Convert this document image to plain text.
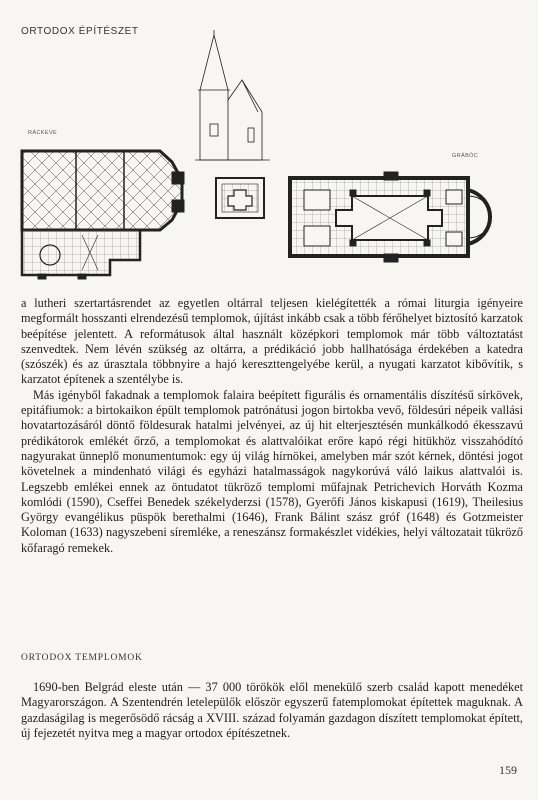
ORTODOX ÉPÍTÉSZET
RÁCKEVE
GRÁBÓC

a lutheri szertartásrendet az egyetlen oltárral teljesen kielégítették a római liturgia igényeire megformált hosszanti elrendezésű templomok, újítást inkább csak a több férőhelyet biztosító karzatok beépítése jelentett. A reformátusok által használt középkori templomok már több változtatást szenvedtek. Nem lévén szükség az oltárra, a prédikáció jobb hallhatósága érdekében a katedra (szószék) és az úrasztala többnyire a hajó kereszttengelyébe kerül, a nyugati karzatot kibővítik, s karzatot építenek a szentélybe is.

Más igényből fakadnak a templomok falaira beépített figurális és ornamentális díszítésű sírkövek, epitáfiumok: a birtokaikon épült templomok patrónátusi jogon birtokba vevő, földesúri népeik vallási hovatartozásáról döntő földesurak hatalmi jelvényei, az új hit elterjesztésén munkálkodó ékesszavú prédikátorok emlékét őrző, a templomokat és alattvalóikat erőre kapó régi hitükhöz visszahódító nagyurakat ünneplő monumentumok: egy új világ hírnökei, amelyben már szót kérnek, döntési jogot követelnek a mindenható világi és egyházi hatalmasságok nagykorúvá váló laikus alattvalói is. Legszebb emlékei ennek az öntudatot tükröző templomi műfajnak Petrichevich Horváth Kozma komlódi (1590), Cseffei Benedek székelyderzsi (1578), Gyerőfi János kiskapusi (1619), Theilesius György evangélikus püspök berethalmi (1646), Frank Bálint szász gróf (1648) és Gotzmeister Koloman (1633) nagyszebeni síremléke, a reneszánsz formakészlet vidékies, helyi változatait tükröző kőfaragó remekek.

ORTODOX TEMPLOMOK

1690-ben Belgrád eleste után — 37 000 törökök elől menekülő szerb család kapott menedéket Magyarországon. A Szentendrén letelepülők először egyszerű fatemplomokat építettek maguknak. A gazdaságilag is megerősödő rácság a XVIII. század folyamán gazdagon díszített templomokat épített, új fejezetét nyitva meg a magyar ortodox építészetnek.

159
